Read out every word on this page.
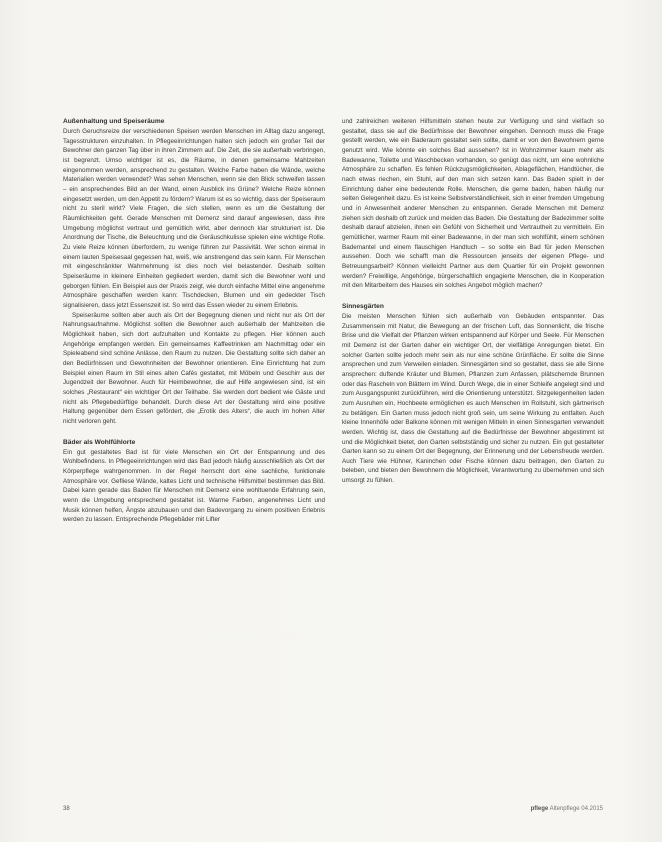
Außenhaltung und Speiseräume

Durch Geruchsreize der verschiedenen Speisen werden Menschen im Alltag dazu angeregt, Tagesstrukturen einzuhalten. In Pflegeeinrichtungen halten sich jedoch ein großer Teil der Bewohner den ganzen Tag über in ihren Zimmern auf. Die Zeit, die sie außerhalb verbringen, ist begrenzt. Umso wichtiger ist es, die Räume, in denen gemeinsame Mahlzeiten eingenommen werden, ansprechend zu gestalten. Welche Farbe haben die Wände, welche Materialien werden verwendet? Was sehen Menschen, wenn sie den Blick schweifen lassen – ein ansprechendes Bild an der Wand, einen Ausblick ins Grüne? Welche Reize können eingesetzt werden, um den Appetit zu fördern? Warum ist es so wichtig, dass der Speiseraum nicht zu steril wirkt? Viele Fragen, die sich stellen, wenn es um die Gestaltung der Räumlichkeiten geht. Gerade Menschen mit Demenz sind darauf angewiesen, dass ihre Umgebung möglichst vertraut und gemütlich wirkt, aber dennoch klar strukturiert ist. Die Anordnung der Tische, die Beleuchtung und die Geräuschkulisse spielen eine wichtige Rolle. Zu viele Reize können überfordern, zu wenige führen zur Passivität. Wer schon einmal in einem lauten Speisesaal gegessen hat, weiß, wie anstrengend das sein kann. Für Menschen mit eingeschränkter Wahrnehmung ist dies noch viel belastender. Deshalb sollten Speiseräume in kleinere Einheiten gegliedert werden, damit sich die Bewohner wohl und geborgen fühlen. Ein Beispiel aus der Praxis zeigt, wie durch einfache Mittel eine angenehme Atmosphäre geschaffen werden kann: Tischdecken, Blumen und ein gedeckter Tisch signalisieren, dass jetzt Essenszeit ist. So wird das Essen wieder zu einem Erlebnis.

Speiseräume sollten aber auch als Ort der Begegnung dienen und nicht nur als Ort der Nahrungsaufnahme. Möglichst sollten die Bewohner auch außerhalb der Mahlzeiten die Möglichkeit haben, sich dort aufzuhalten und Kontakte zu pflegen. Hier können auch Angehörige empfangen werden. Ein gemeinsames Kaffeetrinken am Nachmittag oder ein Spieleabend sind schöne Anlässe, den Raum zu nutzen. Die Gestaltung sollte sich daher an den Bedürfnissen und Gewohnheiten der Bewohner orientieren. Eine Einrichtung hat zum Beispiel einen Raum im Stil eines alten Cafés gestaltet, mit Möbeln und Geschirr aus der Jugendzeit der Bewohner. Auch für Heimbewohner, die auf Hilfe angewiesen sind, ist ein solches „Restaurant“ ein wichtiger Ort der Teilhabe. Sie werden dort bedient wie Gäste und nicht als Pflegebedürftige behandelt. Durch diese Art der Gestaltung wird eine positive Haltung gegenüber dem Essen gefördert, die „Erotik des Alters“, die auch im hohen Alter nicht verloren geht.

Bäder als Wohlfühlorte

Ein gut gestaltetes Bad ist für viele Menschen ein Ort der Entspannung und des Wohlbefindens. In Pflegeeinrichtungen wird das Bad jedoch häufig ausschließlich als Ort der Körperpflege wahrgenommen. In der Regel herrscht dort eine sachliche, funktionale Atmosphäre vor. Gefliese Wände, kaltes Licht und technische Hilfsmittel bestimmen das Bild. Dabei kann gerade das Baden für Menschen mit Demenz eine wohltuende Erfahrung sein, wenn die Umgebung entsprechend gestaltet ist. Warme Farben, angenehmes Licht und Musik können helfen, Ängste abzubauen und den Badevorgang zu einem positiven Erlebnis werden zu lassen. Entsprechende Pflegebäder mit Lifter

und zahlreichen weiteren Hilfsmitteln stehen heute zur Verfügung und sind vielfach so gestaltet, dass sie auf die Bedürfnisse der Bewohner eingehen. Dennoch muss die Frage gestellt werden, wie ein Baderaum gestaltet sein sollte, damit er von den Bewohnern gerne genutzt wird. Wie könnte ein solches Bad aussehen? Ist in Wohnzimmer kaum mehr als Badewanne, Toilette und Waschbecken vorhanden, so genügt das nicht, um eine wohnliche Atmosphäre zu schaffen. Es fehlen Rückzugsmöglichkeiten, Ablageflächen, Handtücher, die nach etwas riechen, ein Stuhl, auf den man sich setzen kann. Das Baden spielt in der Einrichtung daher eine bedeutende Rolle. Menschen, die gerne baden, haben häufig nur selten Gelegenheit dazu. Es ist keine Selbstverständlichkeit, sich in einer fremden Umgebung und in Anwesenheit anderer Menschen zu entspannen. Gerade Menschen mit Demenz ziehen sich deshalb oft zurück und meiden das Baden. Die Gestaltung der Badezimmer sollte deshalb darauf abzielen, ihnen ein Gefühl von Sicherheit und Vertrautheit zu vermitteln. Ein gemütlicher, warmer Raum mit einer Badewanne, in der man sich wohlfühlt, einem schönen Bademantel und einem flauschigen Handtuch – so sollte ein Bad für jeden Menschen aussehen. Doch wie schafft man die Ressourcen jenseits der eigenen Pflege- und Betreuungsarbeit? Können vielleicht Partner aus dem Quartier für ein Projekt gewonnen werden? Freiwillige, Angehörige, bürgerschaftlich engagierte Menschen, die in Kooperation mit den Mitarbeitern des Hauses ein solches Angebot möglich machen?

Sinnesgärten

Die meisten Menschen fühlen sich außerhalb von Gebäuden entspannter. Das Zusammensein mit Natur, die Bewegung an der frischen Luft, das Sonnenlicht, die frische Brise und die Vielfalt der Pflanzen wirken entspannend auf Körper und Seele. Für Menschen mit Demenz ist der Garten daher ein wichtiger Ort, der vielfältige Anregungen bietet. Ein solcher Garten sollte jedoch mehr sein als nur eine schöne Grünfläche. Er sollte die Sinne ansprechen und zum Verweilen einladen. Sinnesgärten sind so gestaltet, dass sie alle Sinne ansprechen: duftende Kräuter und Blumen, Pflanzen zum Anfassen, plätschernde Brunnen oder das Rascheln von Blättern im Wind. Durch Wege, die in einer Schleife angelegt sind und zum Ausgangspunkt zurückführen, wird die Orientierung unterstützt. Sitzgelegenheiten laden zum Ausruhen ein, Hochbeete ermöglichen es auch Menschen im Rollstuhl, sich gärtnerisch zu betätigen. Ein Garten muss jedoch nicht groß sein, um seine Wirkung zu entfalten. Auch kleine Innenhöfe oder Balkone können mit wenigen Mitteln in einen Sinnesgarten verwandelt werden. Wichtig ist, dass die Gestaltung auf die Bedürfnisse der Bewohner abgestimmt ist und die Möglichkeit bietet, den Garten selbstständig und sicher zu nutzen. Ein gut gestalteter Garten kann so zu einem Ort der Begegnung, der Erinnerung und der Lebensfreude werden. Auch Tiere wie Hühner, Kaninchen oder Fische können dazu beitragen, den Garten zu beleben, und bieten den Bewohnern die Möglichkeit, Verantwortung zu übernehmen und sich umsorgt zu fühlen.

38	pflege Altenpflege 04.2015
